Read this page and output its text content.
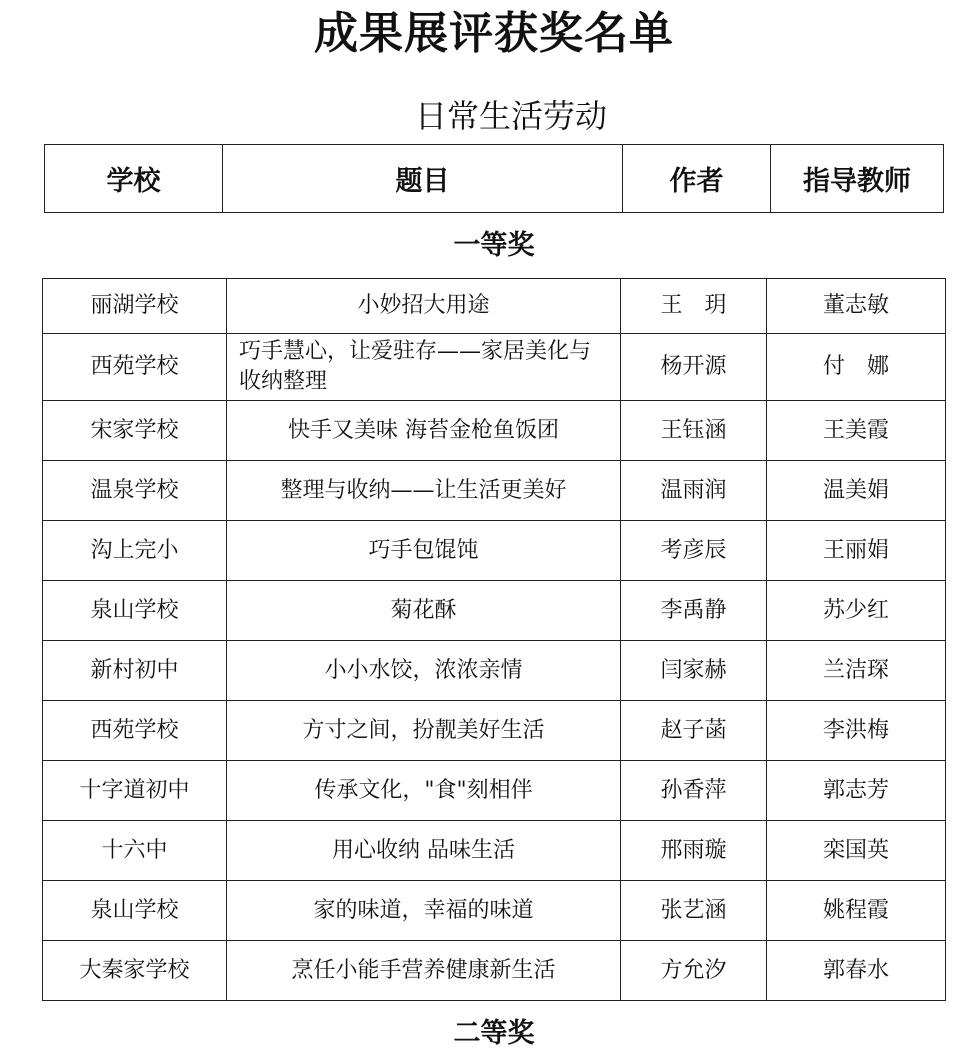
成果展评获奖名单
日常生活劳动
学校	题目	作者	指导教师
一等奖
丽湖学校	小妙招大用途	王　玥	董志敏
西苑学校	巧手慧心，让爱驻存——家居美化与收纳整理	杨开源	付　娜
宋家学校	快手又美味 海苔金枪鱼饭团	王钰涵	王美霞
温泉学校	整理与收纳——让生活更美好	温雨润	温美娟
沟上完小	巧手包馄饨	考彦辰	王丽娟
泉山学校	菊花酥	李禹静	苏少红
新村初中	小小水饺，浓浓亲情	闫家赫	兰洁琛
西苑学校	方寸之间，扮靓美好生活	赵子菡	李洪梅
十字道初中	传承文化，"食"刻相伴	孙香萍	郭志芳
十六中	用心收纳 品味生活	邢雨璇	栾国英
泉山学校	家的味道，幸福的味道	张艺涵	姚程霞
大秦家学校	烹任小能手营养健康新生活	方允汐	郭春水
二等奖
